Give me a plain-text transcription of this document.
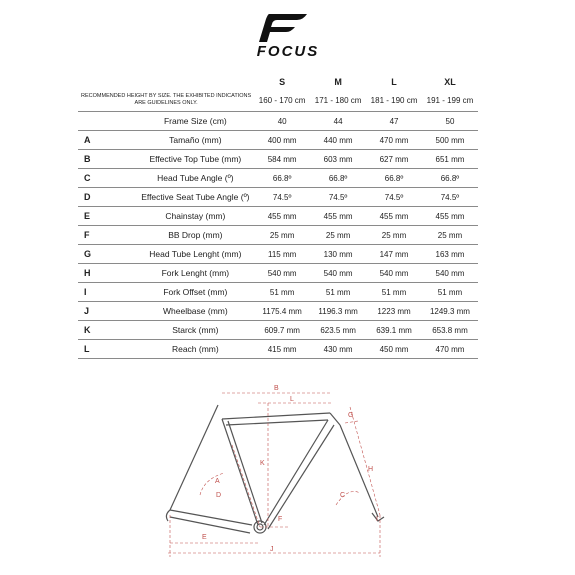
FOCUS
		S	M	L	XL
RECOMMENDED HEIGHT BY SIZE. THE EXHIBITED INDICATIONS ARE GUIDELINES ONLY.		160 - 170 cm	171 - 180 cm	181 - 190 cm	191 - 199 cm
	Frame Size (cm)	40	44	47	50
A	Tamaño (mm)	400 mm	440 mm	470 mm	500 mm
B	Effective Top Tube (mm)	584 mm	603 mm	627 mm	651 mm
C	Head Tube Angle (º)	66.8º	66.8º	66.8º	66.8º
D	Effective Seat Tube Angle (º)	74.5º	74.5º	74.5º	74.5º
E	Chainstay (mm)	455 mm	455 mm	455 mm	455 mm
F	BB Drop (mm)	25 mm	25 mm	25 mm	25 mm
G	Head Tube Lenght (mm)	115 mm	130 mm	147 mm	163 mm
H	Fork Lenght (mm)	540 mm	540 mm	540 mm	540 mm
I	Fork Offset (mm)	51 mm	51 mm	51 mm	51 mm
J	Wheelbase (mm)	1175.4 mm	1196.3 mm	1223 mm	1249.3 mm
K	Starck (mm)	609.7 mm	623.5 mm	639.1 mm	653.8 mm
L	Reach (mm)	415 mm	430 mm	450 mm	470 mm
B
L
G
H
C
K
A
D
E
F	I
J
